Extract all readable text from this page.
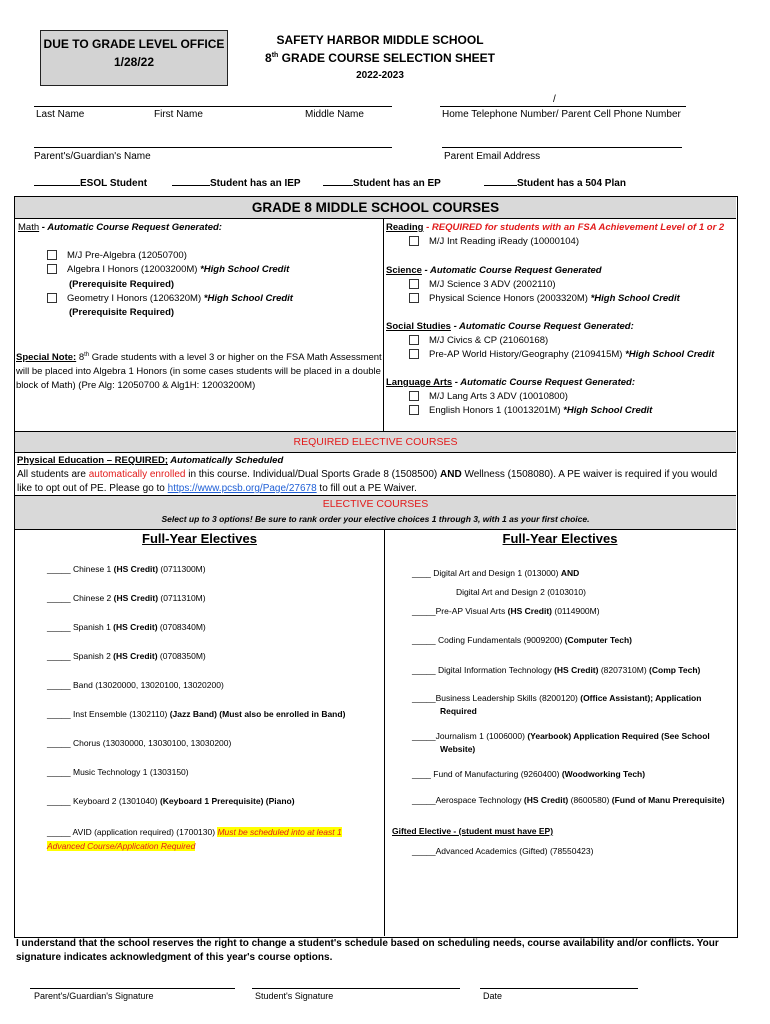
DUE TO GRADE LEVEL OFFICE
1/28/22
SAFETY HARBOR MIDDLE SCHOOL
8th GRADE COURSE SELECTION SHEET
2022-2023
Last Name	First Name	Middle Name
/
Home Telephone Number/ Parent Cell Phone Number
Parent's/Guardian's Name	Parent Email Address
ESOL Student	Student has an IEP	Student has an EP	Student has a 504 Plan
GRADE 8 MIDDLE SCHOOL COURSES
Math - Automatic Course Request Generated:
M/J Pre-Algebra (12050700)
Algebra I Honors (12003200M) *High School Credit
(Prerequisite Required)
Geometry I Honors (1206320M) *High School Credit
(Prerequisite Required)
Special Note: 8th Grade students with a level 3 or higher on the FSA Math Assessment will be placed into Algebra 1 Honors (in some cases students will be placed in a double block of Math) (Pre Alg: 12050700 & Alg1H: 12003200M)
Reading - REQUIRED for students with an FSA Achievement Level of 1 or 2
M/J Int Reading iReady (10000104)
Science - Automatic Course Request Generated
M/J Science 3 ADV (2002110)
Physical Science Honors (2003320M) *High School Credit
Social Studies - Automatic Course Request Generated:
M/J Civics & CP (21060168)
Pre-AP World History/Geography (2109415M) *High School Credit
Language Arts - Automatic Course Request Generated:
M/J Lang Arts 3 ADV (10010800)
English Honors 1 (10013201M) *High School Credit
REQUIRED ELECTIVE COURSES
Physical Education – REQUIRED; Automatically Scheduled
All students are automatically enrolled in this course. Individual/Dual Sports Grade 8 (1508500) AND Wellness (1508080). A PE waiver is required if you would like to opt out of PE. Please go to https://www.pcsb.org/Page/27678 to fill out a PE Waiver.
ELECTIVE COURSES
Select up to 3 options! Be sure to rank order your elective choices 1 through 3, with 1 as your first choice.
Full-Year Electives	Full-Year Electives
_____ Chinese 1 (HS Credit) (0711300M)
_____ Chinese 2 (HS Credit) (0711310M)
_____ Spanish 1 (HS Credit) (0708340M)
_____ Spanish 2 (HS Credit) (0708350M)
_____ Band (13020000, 13020100, 13020200)
_____ Inst Ensemble (1302110) (Jazz Band) (Must also be enrolled in Band)
_____ Chorus (13030000, 13030100, 13030200)
_____ Music Technology 1 (1303150)
_____ Keyboard 2 (1301040) (Keyboard 1 Prerequisite) (Piano)
_____ AVID (application required) (1700130) Must be scheduled into at least 1
Advanced Course/Application Required
____ Digital Art and Design 1 (013000) AND
Digital Art and Design 2 (0103010)
_____Pre-AP Visual Arts (HS Credit) (0114900M)
_____ Coding Fundamentals (9009200) (Computer Tech)
_____ Digital Information Technology (HS Credit) (8207310M) (Comp Tech)
_____Business Leadership Skills (8200120) (Office Assistant); Application
Required
_____Journalism 1 (1006000) (Yearbook) Application Required (See School
Website)
____ Fund of Manufacturing (9260400) (Woodworking Tech)
_____Aerospace Technology (HS Credit) (8600580) (Fund of Manu Prerequisite)
Gifted Elective - (student must have EP)
_____Advanced Academics (Gifted) (78550423)
I understand that the school reserves the right to change a student's schedule based on scheduling needs, course availability and/or conflicts. Your signature indicates acknowledgment of this year's course options.
Parent's/Guardian's Signature	Student's Signature	Date
